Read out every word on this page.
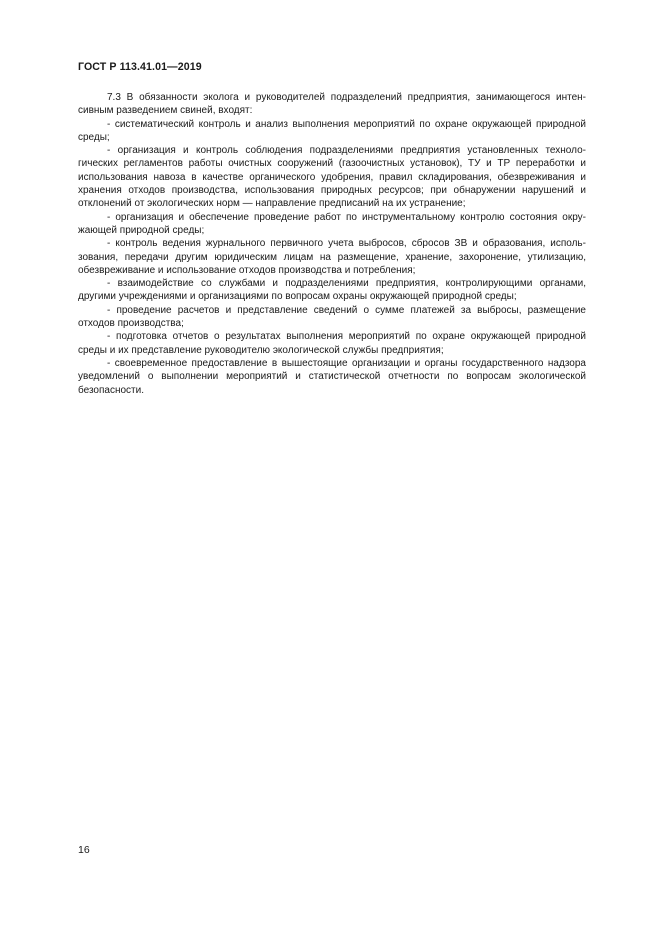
ГОСТ Р 113.41.01—2019

7.3 В обязанности эколога и руководителей подразделений предприятия, занимающегося интенсивным разведением свиней, входят:

- систематический контроль и анализ выполнения мероприятий по охране окружающей природной среды;

- организация и контроль соблюдения подразделениями предприятия установленных технологических регламентов работы очистных сооружений (газоочистных установок), ТУ и ТР переработки и использования навоза в качестве органического удобрения, правил складирования, обезвреживания и хранения отходов производства, использования природных ресурсов; при обнаружении нарушений и отклонений от экологических норм — направление предписаний на их устранение;

- организация и обеспечение проведение работ по инструментальному контролю состояния окружающей природной среды;

- контроль ведения журнального первичного учета выбросов, сбросов ЗВ и образования, использования, передачи другим юридическим лицам на размещение, хранение, захоронение, утилизацию, обезвреживание и использование отходов производства и потребления;

- взаимодействие со службами и подразделениями предприятия, контролирующими органами, другими учреждениями и организациями по вопросам охраны окружающей природной среды;

- проведение расчетов и представление сведений о сумме платежей за выбросы, размещение отходов производства;

- подготовка отчетов о результатах выполнения мероприятий по охране окружающей природной среды и их представление руководителю экологической службы предприятия;

- своевременное предоставление в вышестоящие организации и органы государственного надзора уведомлений о выполнении мероприятий и статистической отчетности по вопросам экологической безопасности.

16
